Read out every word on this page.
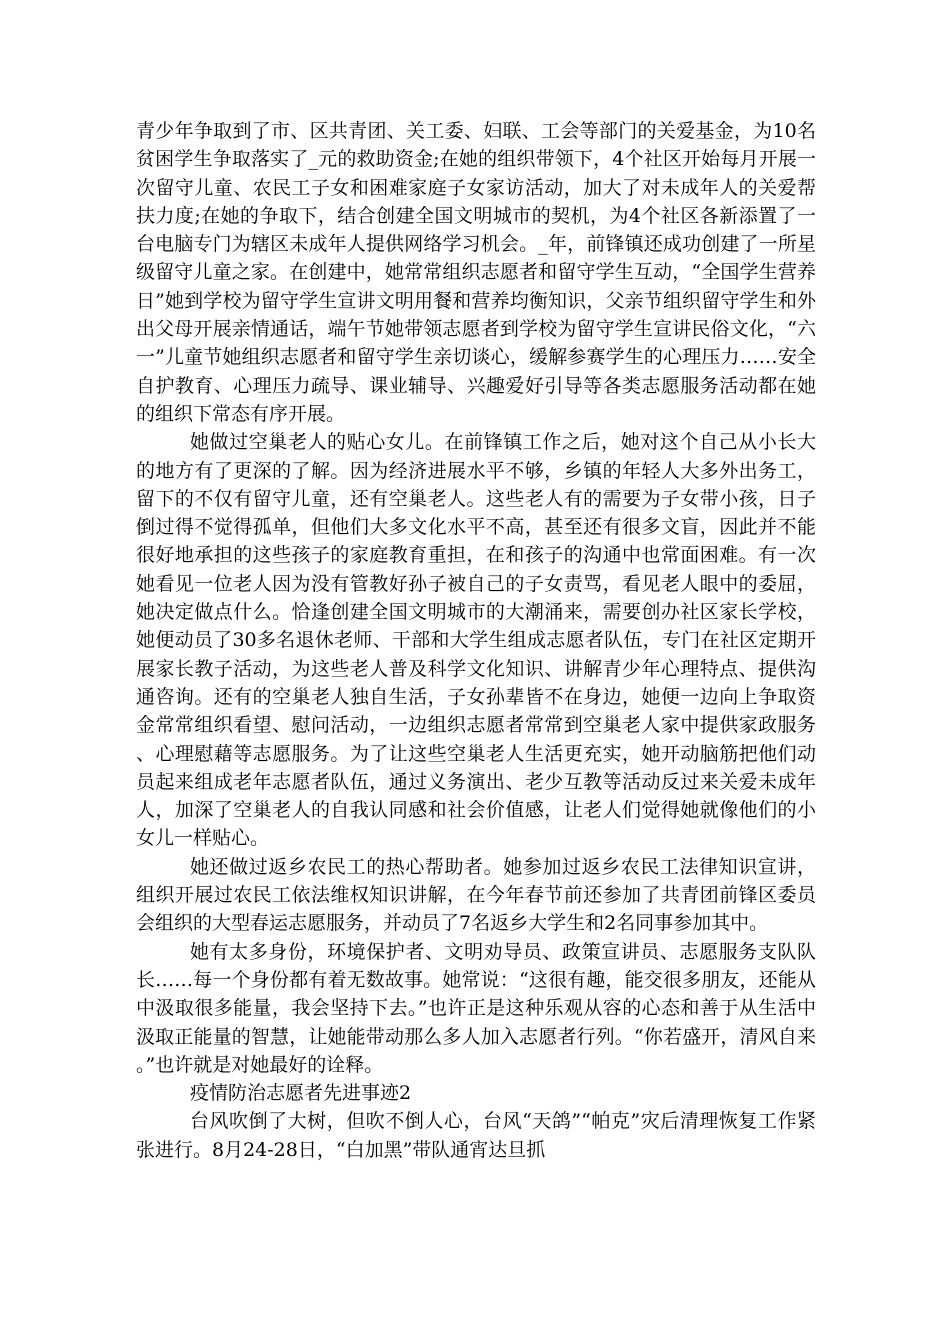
青少年争取到了市、区共青团、关工委、妇联、工会等部门的关爱基金，为10名贫困学生争取落实了_元的救助资金;在她的组织带领下，4个社区开始每月开展一次留守儿童、农民工子女和困难家庭子女家访活动，加大了对未成年人的关爱帮扶力度;在她的争取下，结合创建全国文明城市的契机，为4个社区各新添置了一台电脑专门为辖区未成年人提供网络学习机会。_年，前锋镇还成功创建了一所星级留守儿童之家。在创建中，她常常组织志愿者和留守学生互动，“全国学生营养日”她到学校为留守学生宣讲文明用餐和营养均衡知识，父亲节组织留守学生和外出父母开展亲情通话，端午节她带领志愿者到学校为留守学生宣讲民俗文化，“六一”儿童节她组织志愿者和留守学生亲切谈心，缓解参赛学生的心理压力……安全自护教育、心理压力疏导、课业辅导、兴趣爱好引导等各类志愿服务活动都在她的组织下常态有序开展。

她做过空巢老人的贴心女儿。在前锋镇工作之后，她对这个自己从小长大的地方有了更深的了解。因为经济进展水平不够，乡镇的年轻人大多外出务工，留下的不仅有留守儿童，还有空巢老人。这些老人有的需要为子女带小孩，日子倒过得不觉得孤单，但他们大多文化水平不高，甚至还有很多文盲，因此并不能很好地承担的这些孩子的家庭教育重担，在和孩子的沟通中也常面困难。有一次她看见一位老人因为没有管教好孙子被自己的子女责骂，看见老人眼中的委屈，她决定做点什么。恰逢创建全国文明城市的大潮涌来，需要创办社区家长学校，她便动员了30多名退休老师、干部和大学生组成志愿者队伍，专门在社区定期开展家长教子活动，为这些老人普及科学文化知识、讲解青少年心理特点、提供沟通咨询。还有的空巢老人独自生活，子女孙辈皆不在身边，她便一边向上争取资金常常组织看望、慰问活动，一边组织志愿者常常到空巢老人家中提供家政服务、心理慰藉等志愿服务。为了让这些空巢老人生活更充实，她开动脑筋把他们动员起来组成老年志愿者队伍，通过义务演出、老少互教等活动反过来关爱未成年人，加深了空巢老人的自我认同感和社会价值感，让老人们觉得她就像他们的小女儿一样贴心。

她还做过返乡农民工的热心帮助者。她参加过返乡农民工法律知识宣讲，组织开展过农民工依法维权知识讲解，在今年春节前还参加了共青团前锋区委员会组织的大型春运志愿服务，并动员了7名返乡大学生和2名同事参加其中。

她有太多身份，环境保护者、文明劝导员、政策宣讲员、志愿服务支队队长……每一个身份都有着无数故事。她常说：“这很有趣，能交很多朋友，还能从中汲取很多能量，我会坚持下去。”也许正是这种乐观从容的心态和善于从生活中汲取正能量的智慧，让她能带动那么多人加入志愿者行列。“你若盛开，清风自来。”也许就是对她最好的诠释。

疫情防治志愿者先进事迹2

台风吹倒了大树，但吹不倒人心，台风“天鸽”“帕克”灾后清理恢复工作紧张进行。8月24-28日，“白加黑”带队通宵达旦抓
